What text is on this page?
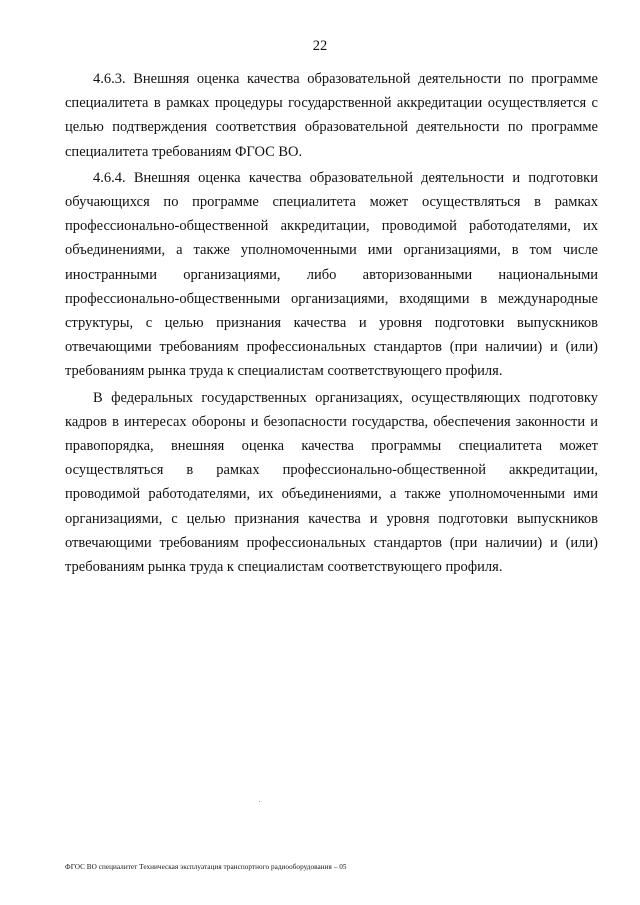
22

4.6.3. Внешняя оценка качества образовательной деятельности по программе специалитета в рамках процедуры государственной аккредитации осуществляется с целью подтверждения соответствия образовательной деятельности по программе специалитета требованиям ФГОС ВО.

4.6.4. Внешняя оценка качества образовательной деятельности и подготовки обучающихся по программе специалитета может осуществляться в рамках профессионально-общественной аккредитации, проводимой работодателями, их объединениями, а также уполномоченными ими организациями, в том числе иностранными организациями, либо авторизованными национальными профессионально-общественными организациями, входящими в международные структуры, с целью признания качества и уровня подготовки выпускников отвечающими требованиям профессиональных стандартов (при наличии) и (или) требованиям рынка труда к специалистам соответствующего профиля.

В федеральных государственных организациях, осуществляющих подготовку кадров в интересах обороны и безопасности государства, обеспечения законности и правопорядка, внешняя оценка качества программы специалитета может осуществляться в рамках профессионально-общественной аккредитации, проводимой работодателями, их объединениями, а также уполномоченными ими организациями, с целью признания качества и уровня подготовки выпускников отвечающими требованиям профессиональных стандартов (при наличии) и (или) требованиям рынка труда к специалистам соответствующего профиля.

ФГОС ВО специалитет Техническая эксплуатация транспортного радиооборудования – 05
